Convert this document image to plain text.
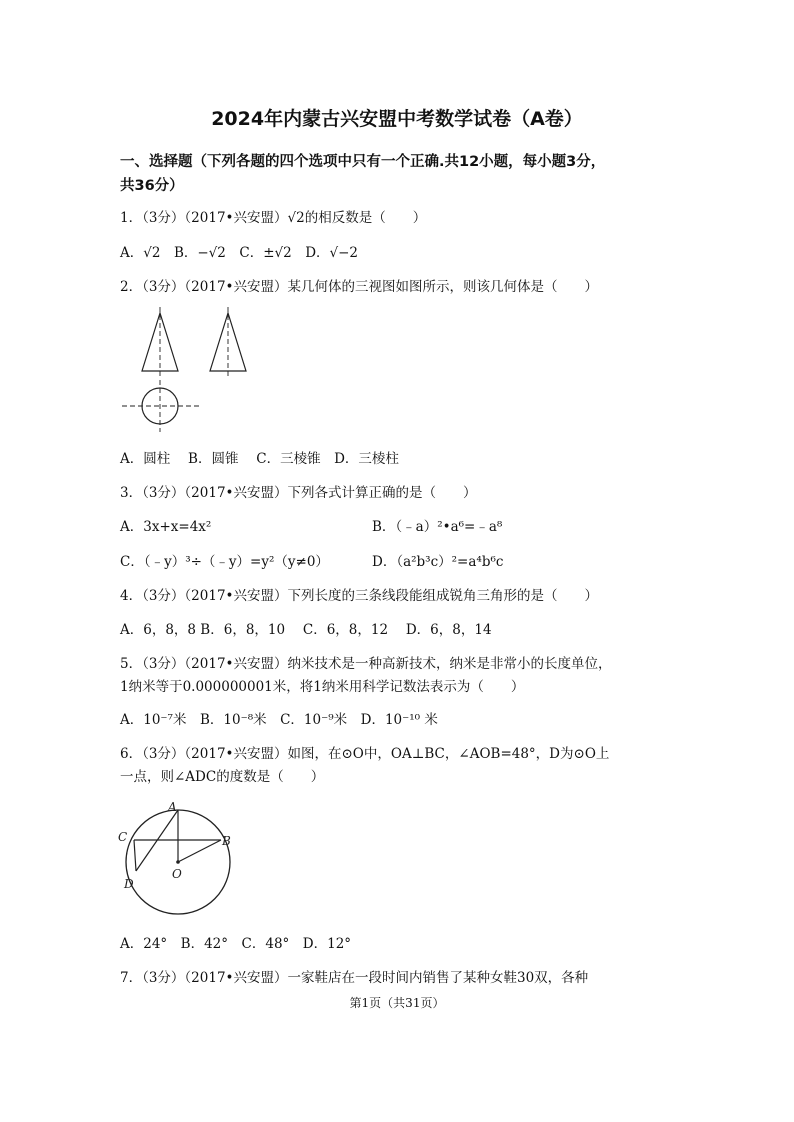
2024年内蒙古兴安盟中考数学试卷（A卷）
一、选择题（下列各题的四个选项中只有一个正确.共12小题，每小题3分，
共36分）
1．（3分）（2017•兴安盟）√2的相反数是（　　）
A．√2　B．−√2　C．±√2　D．√−2
2．（3分）（2017•兴安盟）某几何体的三视图如图所示，则该几何体是（　　）
A．圆柱　 B．圆锥　 C．三棱锥　D．三棱柱
3．（3分）（2017•兴安盟）下列各式计算正确的是（　　）
A．3x+x=4x²	B．（﹣a）²•a⁶=﹣a⁸
C．（﹣y）³÷（﹣y）=y²（y≠0）	D．（a²b³c）²=a⁴b⁶c
4．（3分）（2017•兴安盟）下列长度的三条线段能组成锐角三角形的是（　　）
A．6，8，8 B．6，8，10　 C．6，8，12　 D．6，8，14
5．（3分）（2017•兴安盟）纳米技术是一种高新技术，纳米是非常小的长度单位，
1纳米等于0.000000001米，将1纳米用科学记数法表示为（　　）
A．10⁻⁷米　B．10⁻⁸米　C．10⁻⁹米　D．10⁻¹⁰ 米
6．（3分）（2017•兴安盟）如图，在⊙O中，OA⊥BC，∠AOB=48°，D为⊙O上
一点，则∠ADC的度数是（　　）
A
B
C
D
O
A．24°　B．42°　C．48°　D．12°
7．（3分）（2017•兴安盟）一家鞋店在一段时间内销售了某种女鞋30双，各种
第1页（共31页）
